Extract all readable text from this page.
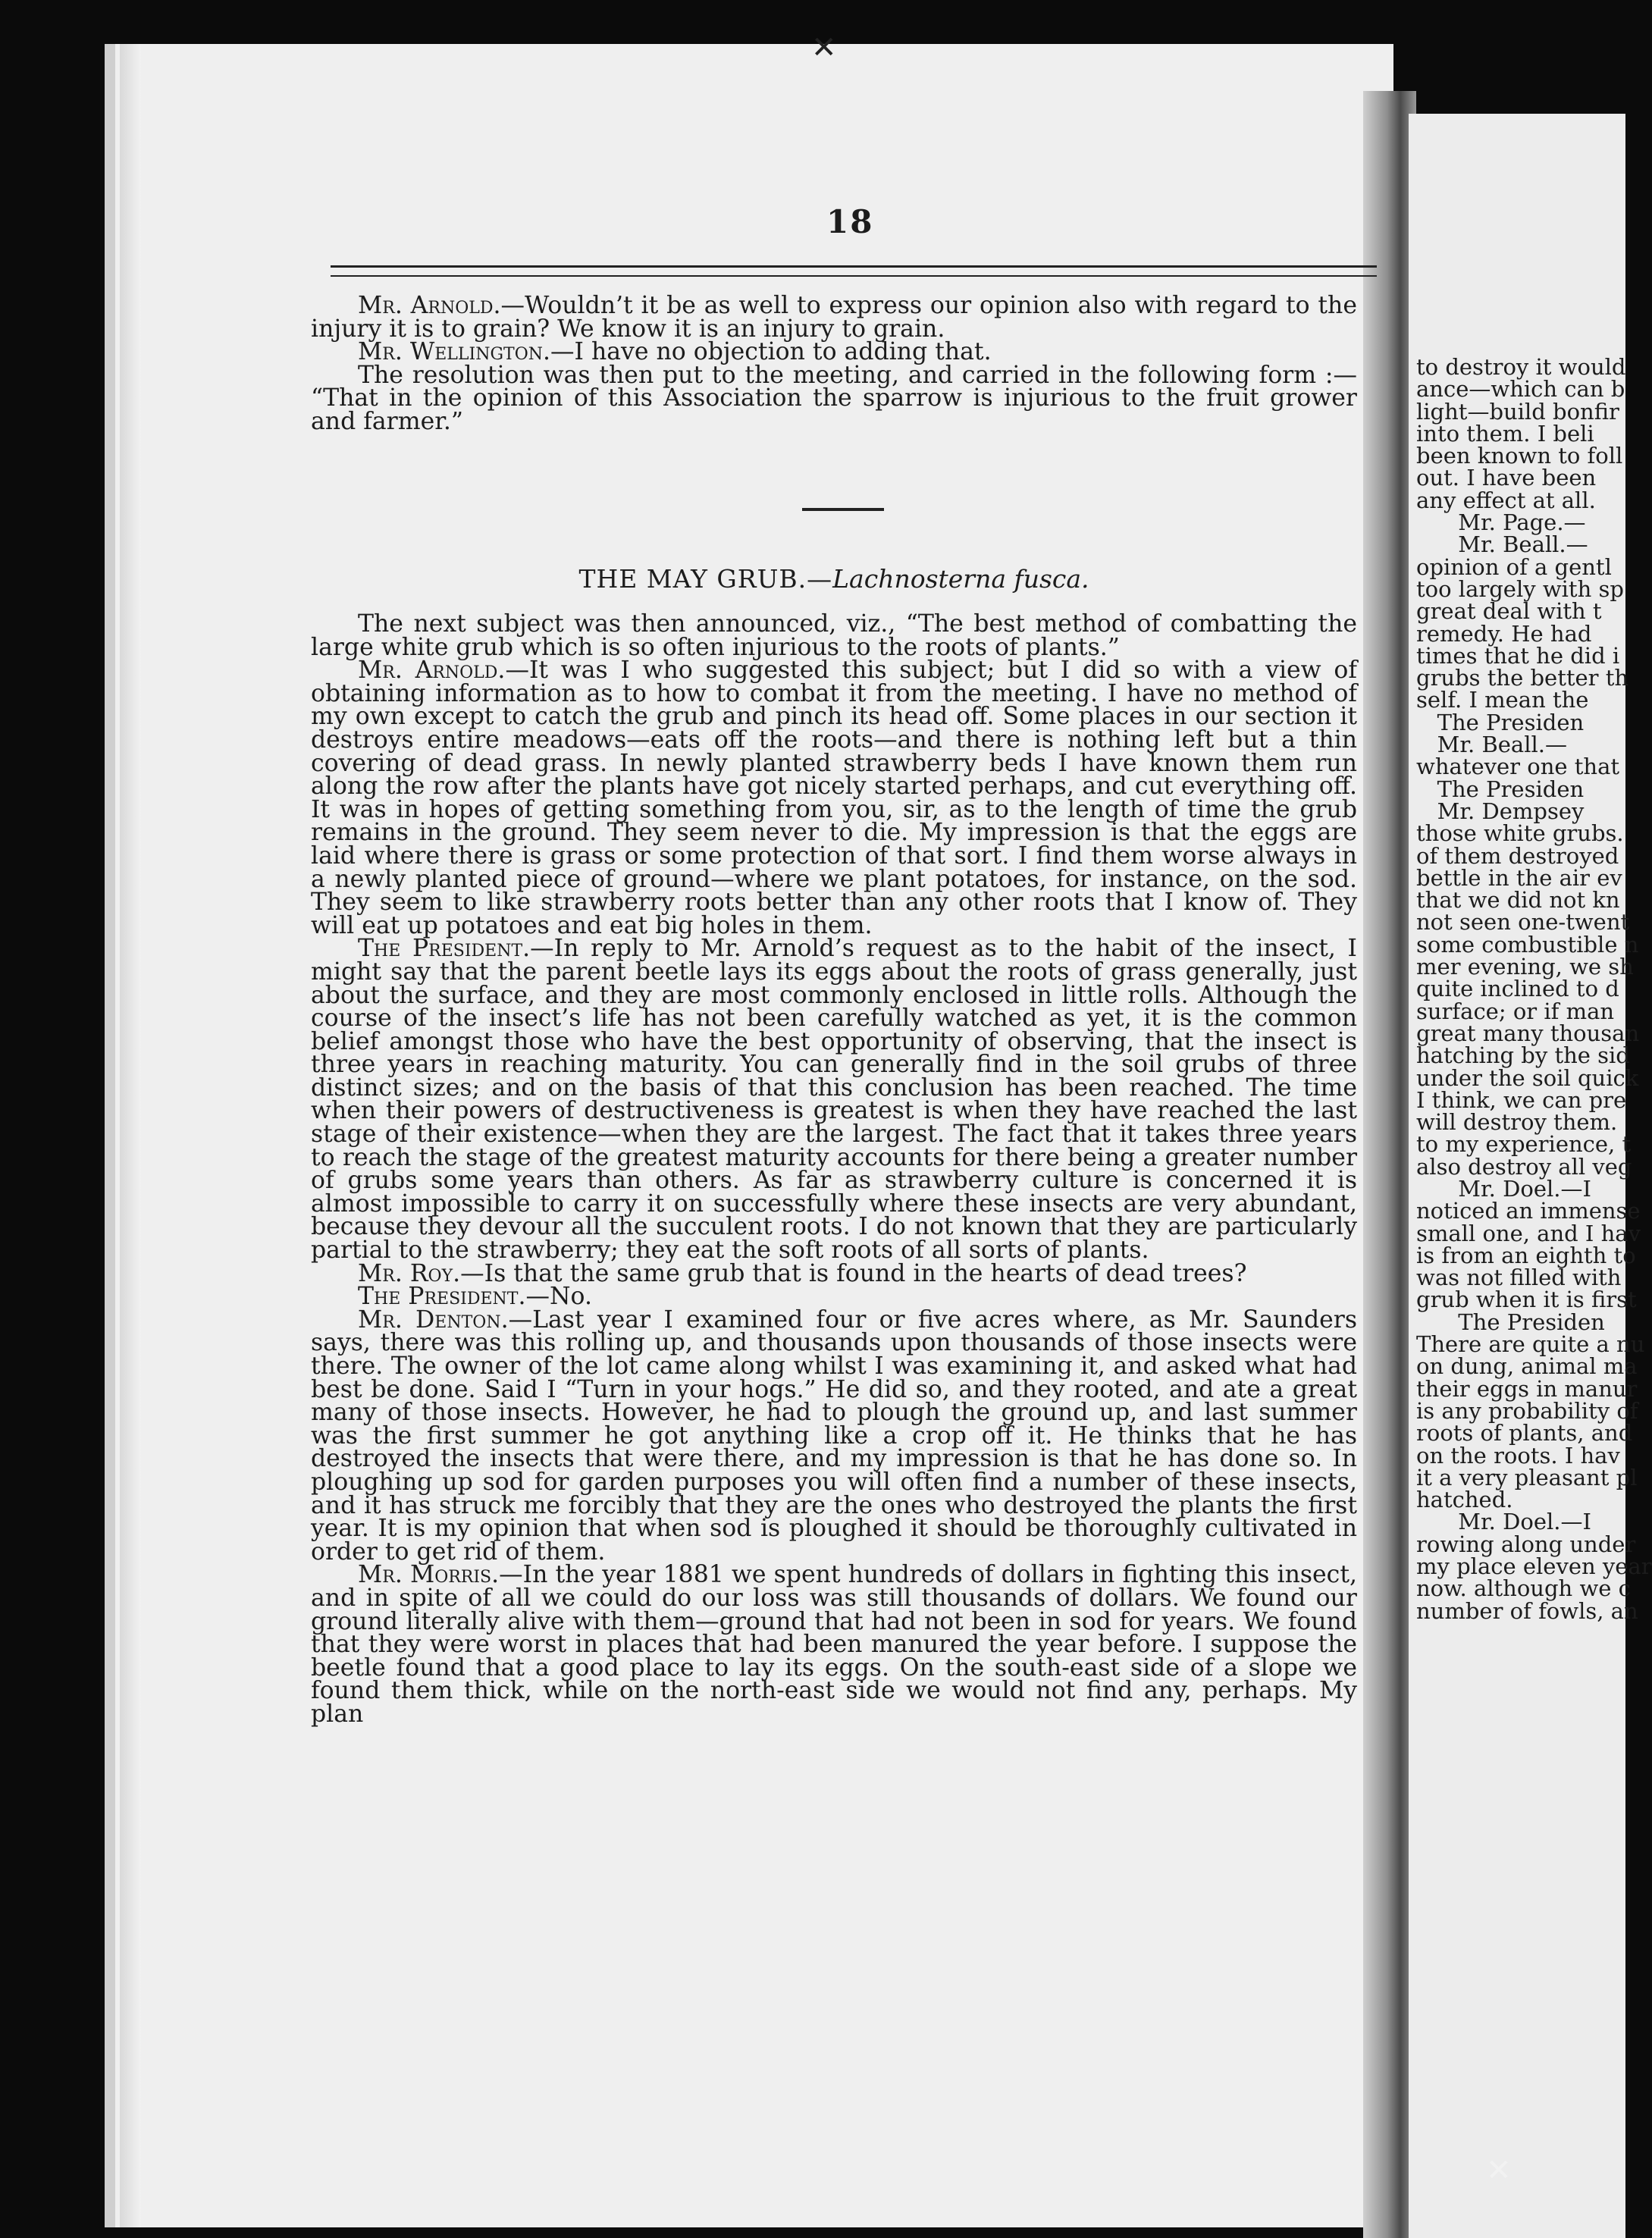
✕
✕
18

Mr. Arnold.—Wouldn’t it be as well to express our opinion also with regard to the injury it is to grain? We know it is an injury to grain.

Mr. Wellington.—I have no objection to adding that.

The resolution was then put to the meeting, and carried in the following form :— “That in the opinion of this Association the sparrow is injurious to the fruit grower and farmer.”

THE MAY GRUB.—Lachnosterna fusca.

The next subject was then announced, viz., “The best method of combatting the large white grub which is so often injurious to the roots of plants.”

Mr. Arnold.—It was I who suggested this subject; but I did so with a view of obtaining information as to how to combat it from the meeting. I have no method of my own except to catch the grub and pinch its head off. Some places in our section it destroys entire meadows—eats off the roots—and there is nothing left but a thin covering of dead grass. In newly planted strawberry beds I have known them run along the row after the plants have got nicely started perhaps, and cut everything off. It was in hopes of getting something from you, sir, as to the length of time the grub remains in the ground. They seem never to die. My impression is that the eggs are laid where there is grass or some protection of that sort. I find them worse always in a newly planted piece of ground—where we plant potatoes, for instance, on the sod. They seem to like strawberry roots better than any other roots that I know of. They will eat up potatoes and eat big holes in them.

The President.—In reply to Mr. Arnold’s request as to the habit of the insect, I might say that the parent beetle lays its eggs about the roots of grass generally, just about the surface, and they are most commonly enclosed in little rolls. Although the course of the insect’s life has not been carefully watched as yet, it is the common belief amongst those who have the best opportunity of observing, that the insect is three years in reaching maturity. You can generally find in the soil grubs of three distinct sizes; and on the basis of that this conclusion has been reached. The time when their powers of destructiveness is greatest is when they have reached the last stage of their existence—when they are the largest. The fact that it takes three years to reach the stage of the greatest maturity accounts for there being a greater number of grubs some years than others. As far as strawberry culture is concerned it is almost impossible to carry it on successfully where these insects are very abundant, because they devour all the succulent roots. I do not known that they are particularly partial to the strawberry; they eat the soft roots of all sorts of plants.

Mr. Roy.—Is that the same grub that is found in the hearts of dead trees?

The President.—No.

Mr. Denton.—Last year I examined four or five acres where, as Mr. Saunders says, there was this rolling up, and thousands upon thousands of those insects were there. The owner of the lot came along whilst I was examining it, and asked what had best be done. Said I “Turn in your hogs.” He did so, and they rooted, and ate a great many of those insects. However, he had to plough the ground up, and last summer was the first summer he got anything like a crop off it. He thinks that he has destroyed the insects that were there, and my impression is that he has done so. In ploughing up sod for garden purposes you will often find a number of these insects, and it has struck me forcibly that they are the ones who destroyed the plants the first year. It is my opinion that when sod is ploughed it should be thoroughly cultivated in order to get rid of them.

Mr. Morris.—In the year 1881 we spent hundreds of dollars in fighting this insect, and in spite of all we could do our loss was still thousands of dollars. We found our ground literally alive with them—ground that had not been in sod for years. We found that they were worst in places that had been manured the year before. I suppose the beetle found that a good place to lay its eggs. On the south-east side of a slope we found them thick, while on the north-east side we would not find any, perhaps. My plan

to destroy it would
ance—which can b
light—build bonfir
into them. I beli
been known to foll
out. I have been
any effect at all.
Mr. Page.—
Mr. Beall.—
opinion of a gentl
too largely with sp
great deal with t
remedy. He had
times that he did i
grubs the better th
self. I mean the
The Presiden
Mr. Beall.—
whatever one that
The Presiden
Mr. Dempsey
those white grubs.
of them destroyed
bettle in the air ev
that we did not kn
not seen one-twent
some combustible n
mer evening, we sh
quite inclined to d
surface; or if man
great many thousan
hatching by the sid
under the soil quick
I think, we can pre
will destroy them.
to my experience, t
also destroy all veg
Mr. Doel.—I
noticed an immense
small one, and I hav
is from an eighth to
was not filled with
grub when it is first
The Presiden
There are quite a nu
on dung, animal ma
their eggs in manur
is any probability of
roots of plants, and
on the roots. I hav
it a very pleasant pl
hatched.
Mr. Doel.—I
rowing along under
my place eleven year
now. although we c
number of fowls, an
